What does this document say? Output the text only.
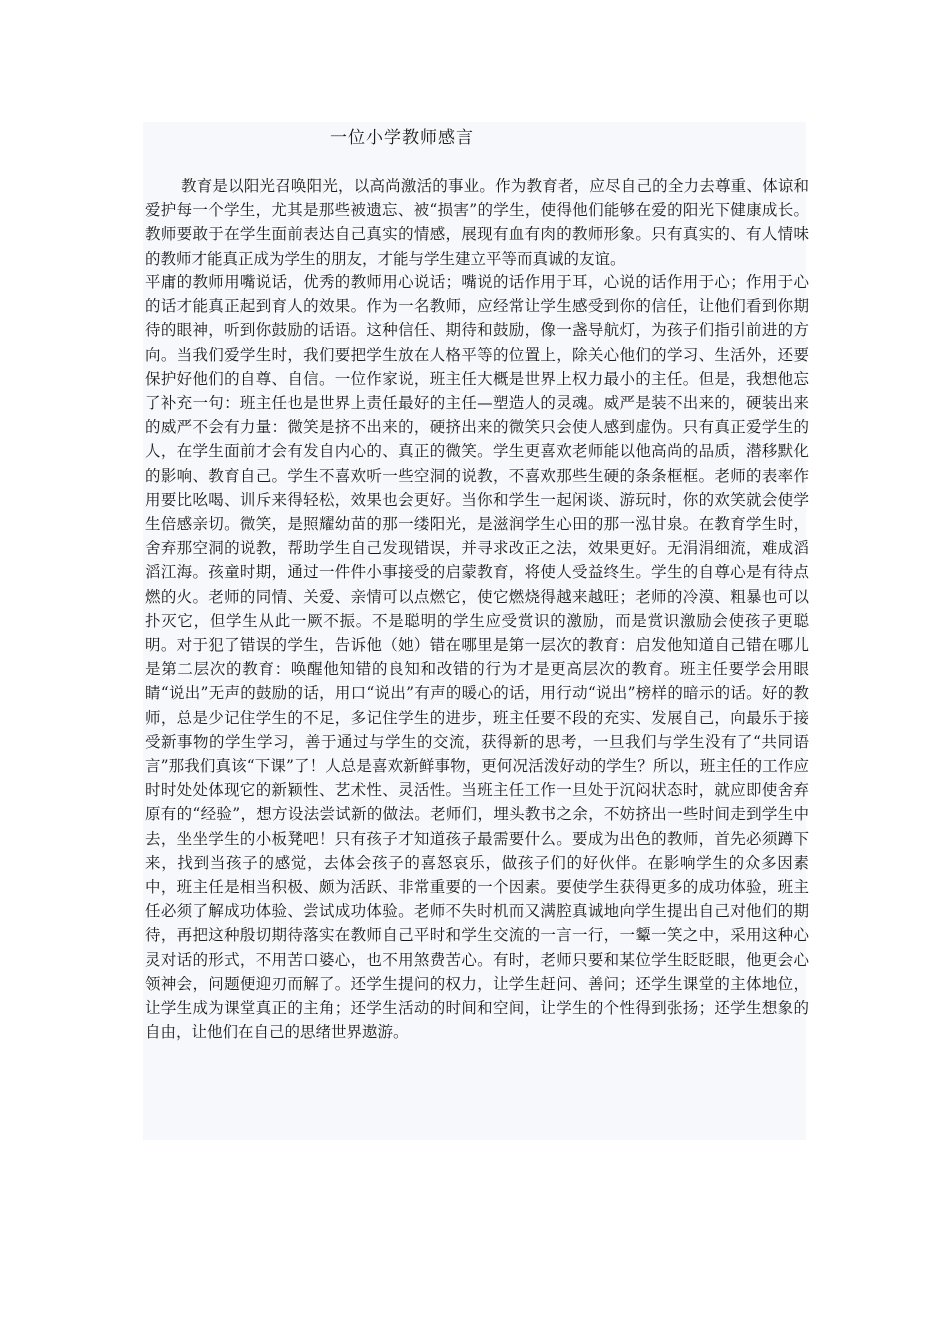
一位小学教师感言

教育是以阳光召唤阳光，以高尚激活的事业。作为教育者，应尽自己的全力去尊重、体谅和爱护每一个学生，尤其是那些被遗忘、被“损害”的学生，使得他们能够在爱的阳光下健康成长。教师要敢于在学生面前表达自己真实的情感，展现有血有肉的教师形象。只有真实的、有人情味的教师才能真正成为学生的朋友，才能与学生建立平等而真诚的友谊。

平庸的教师用嘴说话，优秀的教师用心说话；嘴说的话作用于耳，心说的话作用于心；作用于心的话才能真正起到育人的效果。作为一名教师，应经常让学生感受到你的信任，让他们看到你期待的眼神，听到你鼓励的话语。这种信任、期待和鼓励，像一盏导航灯，为孩子们指引前进的方向。当我们爱学生时，我们要把学生放在人格平等的位置上，除关心他们的学习、生活外，还要保护好他们的自尊、自信。一位作家说，班主任大概是世界上权力最小的主任。但是，我想他忘了补充一句：班主任也是世界上责任最好的主任—塑造人的灵魂。威严是装不出来的，硬装出来的威严不会有力量：微笑是挤不出来的，硬挤出来的微笑只会使人感到虚伪。只有真正爱学生的人，在学生面前才会有发自内心的、真正的微笑。学生更喜欢老师能以他高尚的品质，潜移默化的影响、教育自己。学生不喜欢听一些空洞的说教，不喜欢那些生硬的条条框框。老师的表率作用要比吆喝、训斥来得轻松，效果也会更好。当你和学生一起闲谈、游玩时，你的欢笑就会使学生倍感亲切。微笑，是照耀幼苗的那一缕阳光，是滋润学生心田的那一泓甘泉。在教育学生时，舍弃那空洞的说教，帮助学生自己发现错误，并寻求改正之法，效果更好。无涓涓细流，难成滔滔江海。孩童时期，通过一件件小事接受的启蒙教育，将使人受益终生。学生的自尊心是有待点燃的火。老师的同情、关爱、亲情可以点燃它，使它燃烧得越来越旺；老师的冷漠、粗暴也可以扑灭它，但学生从此一厥不振。不是聪明的学生应受赏识的激励，而是赏识激励会使孩子更聪明。对于犯了错误的学生，告诉他（她）错在哪里是第一层次的教育：启发他知道自己错在哪儿是第二层次的教育：唤醒他知错的良知和改错的行为才是更高层次的教育。班主任要学会用眼睛“说出”无声的鼓励的话，用口“说出”有声的暖心的话，用行动“说出”榜样的暗示的话。好的教师，总是少记住学生的不足，多记住学生的进步，班主任要不段的充实、发展自己，向最乐于接受新事物的学生学习，善于通过与学生的交流，获得新的思考，一旦我们与学生没有了“共同语言”那我们真该“下课”了！人总是喜欢新鲜事物，更何况活泼好动的学生？所以，班主任的工作应时时处处体现它的新颖性、艺术性、灵活性。当班主任工作一旦处于沉闷状态时，就应即使舍弃原有的“经验”，想方设法尝试新的做法。老师们，埋头教书之余，不妨挤出一些时间走到学生中去，坐坐学生的小板凳吧！只有孩子才知道孩子最需要什么。要成为出色的教师，首先必须蹲下来，找到当孩子的感觉，去体会孩子的喜怒哀乐，做孩子们的好伙伴。在影响学生的众多因素中，班主任是相当积极、颇为活跃、非常重要的一个因素。要使学生获得更多的成功体验，班主任必须了解成功体验、尝试成功体验。老师不失时机而又满腔真诚地向学生提出自己对他们的期待，再把这种殷切期待落实在教师自己平时和学生交流的一言一行，一颦一笑之中，采用这种心灵对话的形式，不用苦口婆心，也不用煞费苦心。有时，老师只要和某位学生眨眨眼，他更会心领神会，问题便迎刃而解了。还学生提问的权力，让学生赶问、善问；还学生课堂的主体地位，让学生成为课堂真正的主角；还学生活动的时间和空间，让学生的个性得到张扬；还学生想象的自由，让他们在自己的思绪世界遨游。
